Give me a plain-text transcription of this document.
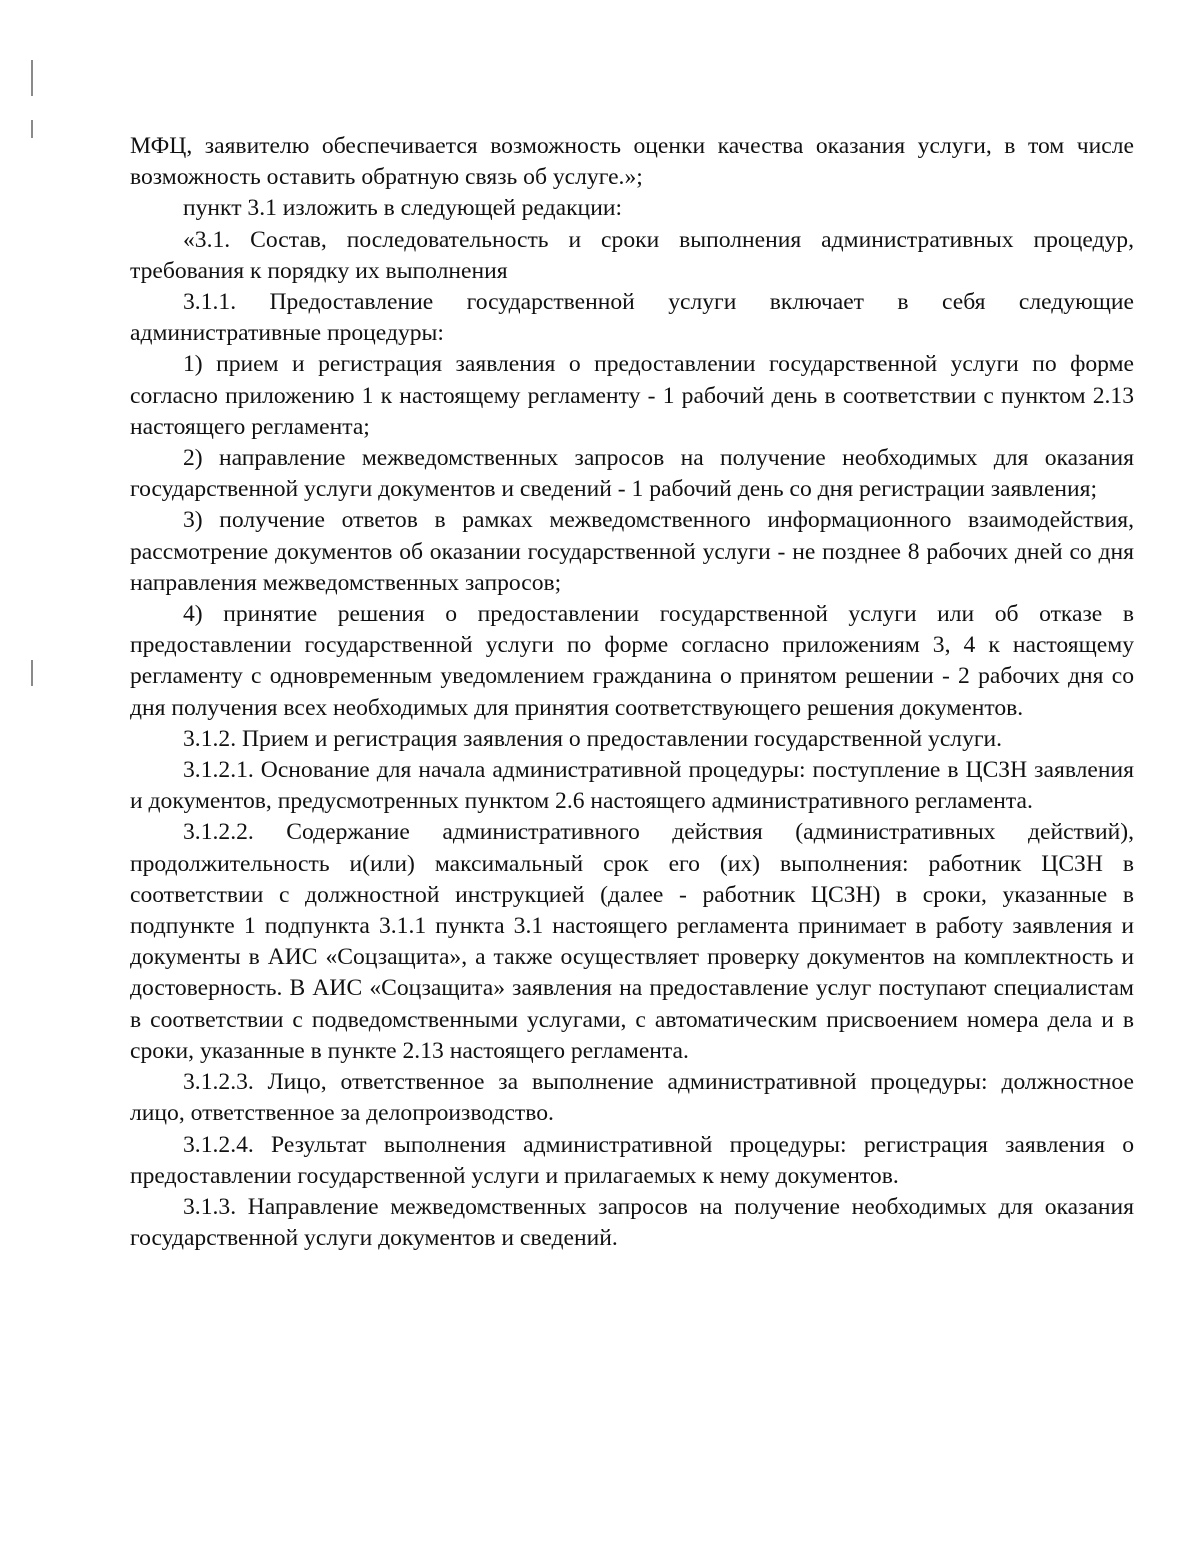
МФЦ, заявителю обеспечивается возможность оценки качества оказания услуги, в том числе возможность оставить обратную связь об услуге.»;

пункт 3.1 изложить в следующей редакции:

«3.1. Состав, последовательность и сроки выполнения административных процедур, требования к порядку их выполнения

3.1.1. Предоставление государственной услуги включает в себя следующие административные процедуры:

1) прием и регистрация заявления о предоставлении государственной услуги по форме согласно приложению 1 к настоящему регламенту - 1 рабочий день в соответствии с пунктом 2.13 настоящего регламента;

2) направление межведомственных запросов на получение необходимых для оказания государственной услуги документов и сведений - 1 рабочий день со дня регистрации заявления;

3) получение ответов в рамках межведомственного информационного взаимодействия, рассмотрение документов об оказании государственной услуги - не позднее 8 рабочих дней со дня направления межведомственных запросов;

4) принятие решения о предоставлении государственной услуги или об отказе в предоставлении государственной услуги по форме согласно приложениям 3, 4 к настоящему регламенту с одновременным уведомлением гражданина о принятом решении - 2 рабочих дня со дня получения всех необходимых для принятия соответствующего решения документов.

3.1.2. Прием и регистрация заявления о предоставлении государственной услуги.

3.1.2.1. Основание для начала административной процедуры: поступление в ЦСЗН заявления и документов, предусмотренных пунктом 2.6 настоящего административного регламента.

3.1.2.2. Содержание административного действия (административных действий), продолжительность и(или) максимальный срок его (их) выполнения: работник ЦСЗН в соответствии с должностной инструкцией (далее - работник ЦСЗН) в сроки, указанные в подпункте 1 подпункта 3.1.1 пункта 3.1 настоящего регламента принимает в работу заявления и документы в АИС «Соцзащита», а также осуществляет проверку документов на комплектность и достоверность. В АИС «Соцзащита» заявления на предоставление услуг поступают специалистам в соответствии с подведомственными услугами, с автоматическим присвоением номера дела и в сроки, указанные в пункте 2.13 настоящего регламента.

3.1.2.3. Лицо, ответственное за выполнение административной процедуры: должностное лицо, ответственное за делопроизводство.

3.1.2.4. Результат выполнения административной процедуры: регистрация заявления о предоставлении государственной услуги и прилагаемых к нему документов.

3.1.3. Направление межведомственных запросов на получение необходимых для оказания государственной услуги документов и сведений.
